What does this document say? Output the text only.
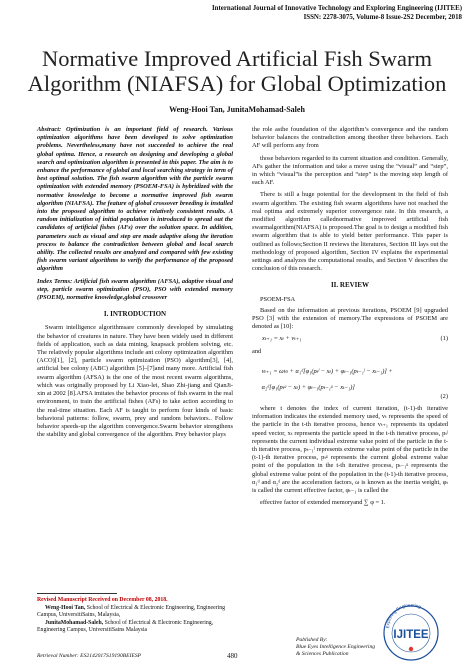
International Journal of Innovative Technology and Exploring Engineering (IJITEE)
ISSN: 2278-3075, Volume-8 Issue-2S2 December, 2018
Normative Improved Artificial Fish Swarm
Algorithm (NIAFSA) for Global Optimization
Weng-Hooi Tan, JunitaMohamad-Saleh

Abstract: Optimization is an important field of research. Various optimization algorithms have been developed to solve optimization problems. Nevertheless,many have not succeeded to achieve the real global optima. Hence, a research on designing and developing a global search and optimization algorithm is presented in this paper. The aim is to enhance the performance of global and local searching strategy in term of best optimal solution. The fish swarm algorithm with the particle swarm optimization with extended memory (PSOEM-FSA) is hybridized with the normative knowledge to become a normative improved fish swarm algorithm (NIAFSA). The feature of global crossover breeding is installed into the proposed algorithm to achieve relatively consistent results. A random initialization of initial population is introduced to spread out the candidates of artificial fishes (AFs) over the solution space. In addition, parameters such as visual and step are made adaptive along the iteration process to balance the contradiction between global and local search ability. The collected results are analyzed and compared with few existing fish swarm variant algorithms to verify the performance of the proposed algorithm

Index Terms: Artificial fish swarm algorithm (AFSA), adaptive visual and step, particle swarm optimization (PSO), PSO with extended memory (PSOEM), normative knowledge,global crossover

I. INTRODUCTION

Swarm intelligence algorithmsare commonly developed by simulating the behavior of creatures in nature. They have been widely used in different fields of application, such as data mining, knapsack problem solving, etc. The relatively popular algorithms include ant colony optimization algorithm (ACO)[1], [2], particle swarm optimization (PSO) algorithm[3], [4], artificial bee colony (ABC) algorithm [5]–[7]and many more. Artificial fish swarm algorithm (AFSA) is the one of the most recent swarm algorithms, which was originally proposed by Li Xiao-lei, Shao Zhi-jiang and QianJi-xin at 2002 [8].AFSA imitates the behavior process of fish swarm in the real environment, to train the artificial fishes (AFs) to take action according to the real-time situation. Each AF is taught to perform four kinds of basic behavioral patterns: follow, swarm, prey and random behaviors.. Follow behavior speeds-up the algorithm convergence.Swarm behavior strengthens the stability and global convergence of the algorithm. Prey behavior plays

the role asthe foundation of the algorithm’s convergence and the random behavior balances the contradiction among theother three behaviors. Each AF will perform any from

those behaviors regarded to its current situation and condition. Generally, AFs gather the information and take a move using the “visual” and “step”, in which “visual”is the perception and “step” is the moving step length of each AF.

There is still a huge potential for the development in the field of fish swarm algorithm. The existing fish swarm algorithms have not reached the real optima and extremely superior convergence rate. In this research, a modified algorithm callednormative improved artificial fish swarmalgorithm(NIAFSA) is proposed.The goal is to design a modified fish swarm algorithm that is able to yield better performance. This paper is outlined as follows;Section II reviews the literatures, Section III lays out the methodology of proposed algorithm, Section IV explains the experimental settings and analyzes the computational results, and Section V describes the conclusion of this research.

II. REVIEW
PSOEM-FSA

Based on the information at previous iterations, PSOEM [9] upgraded PSO [3] with the extension of memory.The expressions of PSOEM are denoted as [10]:

xₜ₊₁ = xₜ + vₜ₊₁	(1)
and

vₜ₊₁ = ωvₜ + α₁ᵈ[φ₁(pₜˡ − xₜ) + φₜ₋₁(pₜ₋₁ˡ − xₜ₋₁)] +

α₂ᵈ[φ₁(pₜᵍ − xₜ) + φₜ₋₁(pₜ₋₁ᵍ − xₜ₋₁)]

(2)

where t denotes the index of current iteration, (t-1)-th iterative information indicates the extended memory used, vₜ represents the speed of the particle in the t-th iterative process, hence vₜ₊₁ represents its updated speed vector, xₜ represents the particle speed in the t-th iterative process, pₜˡ represents the current individual extreme value point of the particle in the t-th iterative process, pₜ₋₁ˡ represents extreme value point of the particle in the (t-1)-th iterative process, pₜᵍ represents the current global extreme value point of the population in the t-th iterative process, pₜ₋₁ᵍ represents the global extreme value point of the population in the (t-1)-th iterative process, α₁ᵈ and α₂ᵈ are the acceleration factors, ω is known as the inertia weight, φₜ is called the current effective factor, φₜ₋₁ is called the

effective factor of extended memoryand ∑ φ = 1.

Revised Manuscript Received on December 08, 2018.
Weng-Hooi Tan, School of Electrical & Electronic Engineering, Engineering Campus, UniversitiSains, Malaysia,
JunitaMohamad-Saleh, School of Electrical & Electronic Engineering, Engineering Campus, UniversitiSains Malaysia
Retrieval Number: ES2142017S19190BEIESP	480
Published By:
Blue Eyes Intelligence Engineering
& Sciences Publication
Exploring Engineering
IJITEE
